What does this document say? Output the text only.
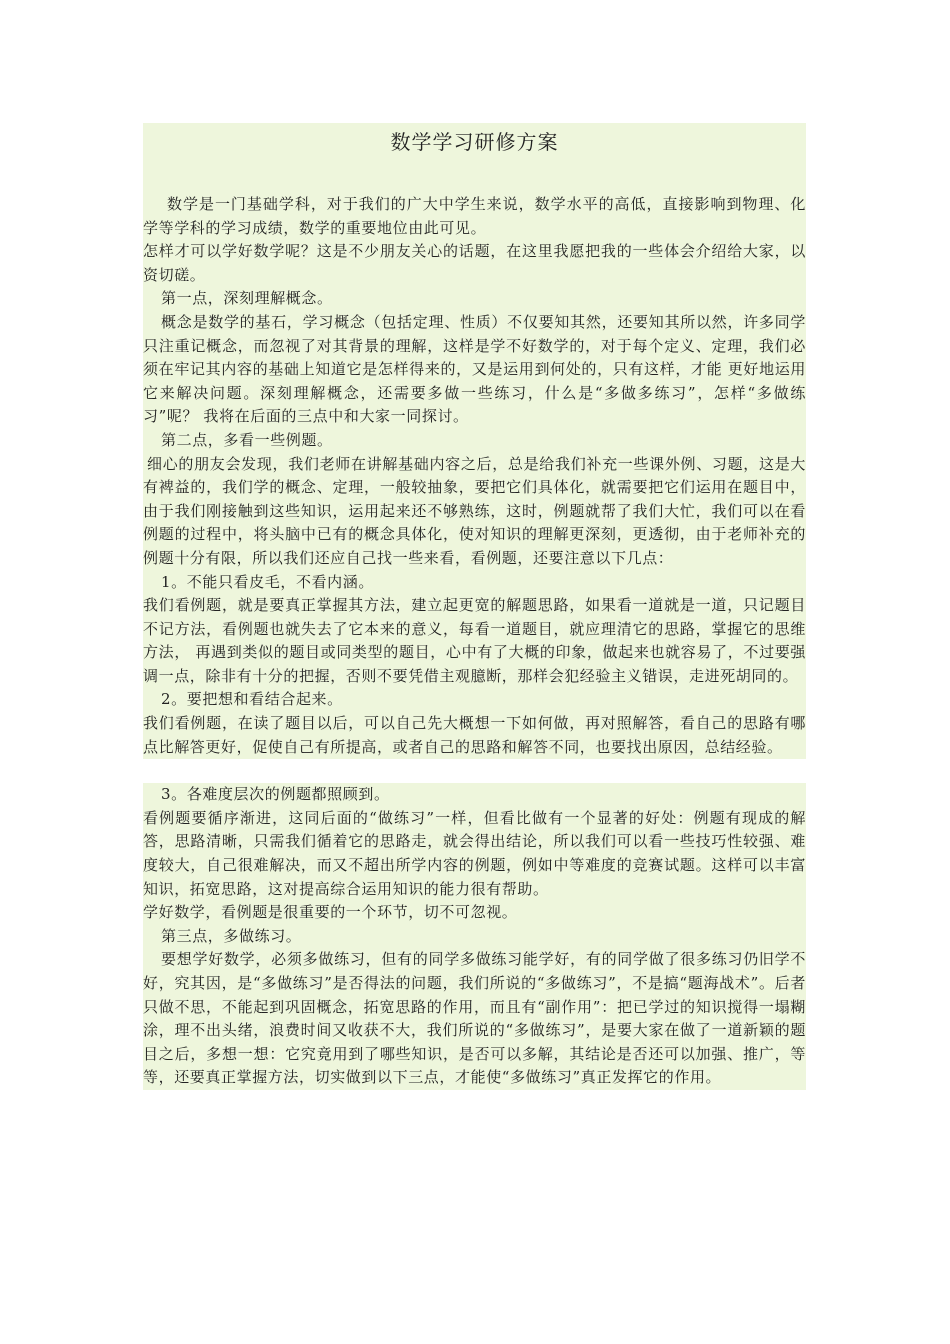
数学学习研修方案

数学是一门基础学科，对于我们的广大中学生来说，数学水平的高低，直接影响到物理、化学等学科的学习成绩，数学的重要地位由此可见。

怎样才可以学好数学呢？这是不少朋友关心的话题，在这里我愿把我的一些体会介绍给大家，以资切磋。

第一点，深刻理解概念。

概念是数学的基石，学习概念（包括定理、性质）不仅要知其然，还要知其所以然，许多同学只注重记概念，而忽视了对其背景的理解，这样是学不好数学的，对于每个定义、定理，我们必须在牢记其内容的基础上知道它是怎样得来的，又是运用到何处的，只有这样，才能 更好地运用它来解决问题。深刻理解概念，还需要多做一些练习，什么是“多做多练习”，怎样“多做练习”呢？ 我将在后面的三点中和大家一同探讨。

第二点，多看一些例题。

细心的朋友会发现，我们老师在讲解基础内容之后，总是给我们补充一些课外例、习题，这是大有裨益的，我们学的概念、定理，一般较抽象，要把它们具体化，就需要把它们运用在题目中， 由于我们刚接触到这些知识，运用起来还不够熟练，这时，例题就帮了我们大忙，我们可以在看例题的过程中，将头脑中已有的概念具体化，使对知识的理解更深刻，更透彻，由于老师补充的例题十分有限，所以我们还应自己找一些来看，看例题，还要注意以下几点：

1。不能只看皮毛，不看内涵。

我们看例题，就是要真正掌握其方法，建立起更宽的解题思路，如果看一道就是一道，只记题目不记方法，看例题也就失去了它本来的意义，每看一道题目，就应理清它的思路，掌握它的思维方法， 再遇到类似的题目或同类型的题目，心中有了大概的印象，做起来也就容易了，不过要强调一点，除非有十分的把握，否则不要凭借主观臆断，那样会犯经验主义错误，走进死胡同的。

2。要把想和看结合起来。

我们看例题，在读了题目以后，可以自己先大概想一下如何做，再对照解答，看自己的思路有哪点比解答更好，促使自己有所提高，或者自己的思路和解答不同，也要找出原因，总结经验。

3。各难度层次的例题都照顾到。

看例题要循序渐进，这同后面的“做练习”一样，但看比做有一个显著的好处：例题有现成的解答，思路清晰，只需我们循着它的思路走，就会得出结论，所以我们可以看一些技巧性较强、难度较大，自己很难解决，而又不超出所学内容的例题，例如中等难度的竞赛试题。这样可以丰富知识，拓宽思路，这对提高综合运用知识的能力很有帮助。

学好数学，看例题是很重要的一个环节，切不可忽视。

第三点，多做练习。

要想学好数学，必须多做练习，但有的同学多做练习能学好，有的同学做了很多练习仍旧学不好，究其因，是“多做练习”是否得法的问题，我们所说的“多做练习”，不是搞“题海战术”。后者只做不思，不能起到巩固概念，拓宽思路的作用，而且有“副作用”：把已学过的知识搅得一塌糊涂，理不出头绪，浪费时间又收获不大，我们所说的“多做练习”，是要大家在做了一道新颖的题目之后，多想一想：它究竟用到了哪些知识，是否可以多解，其结论是否还可以加强、推广，等等，还要真正掌握方法，切实做到以下三点，才能使“多做练习”真正发挥它的作用。
